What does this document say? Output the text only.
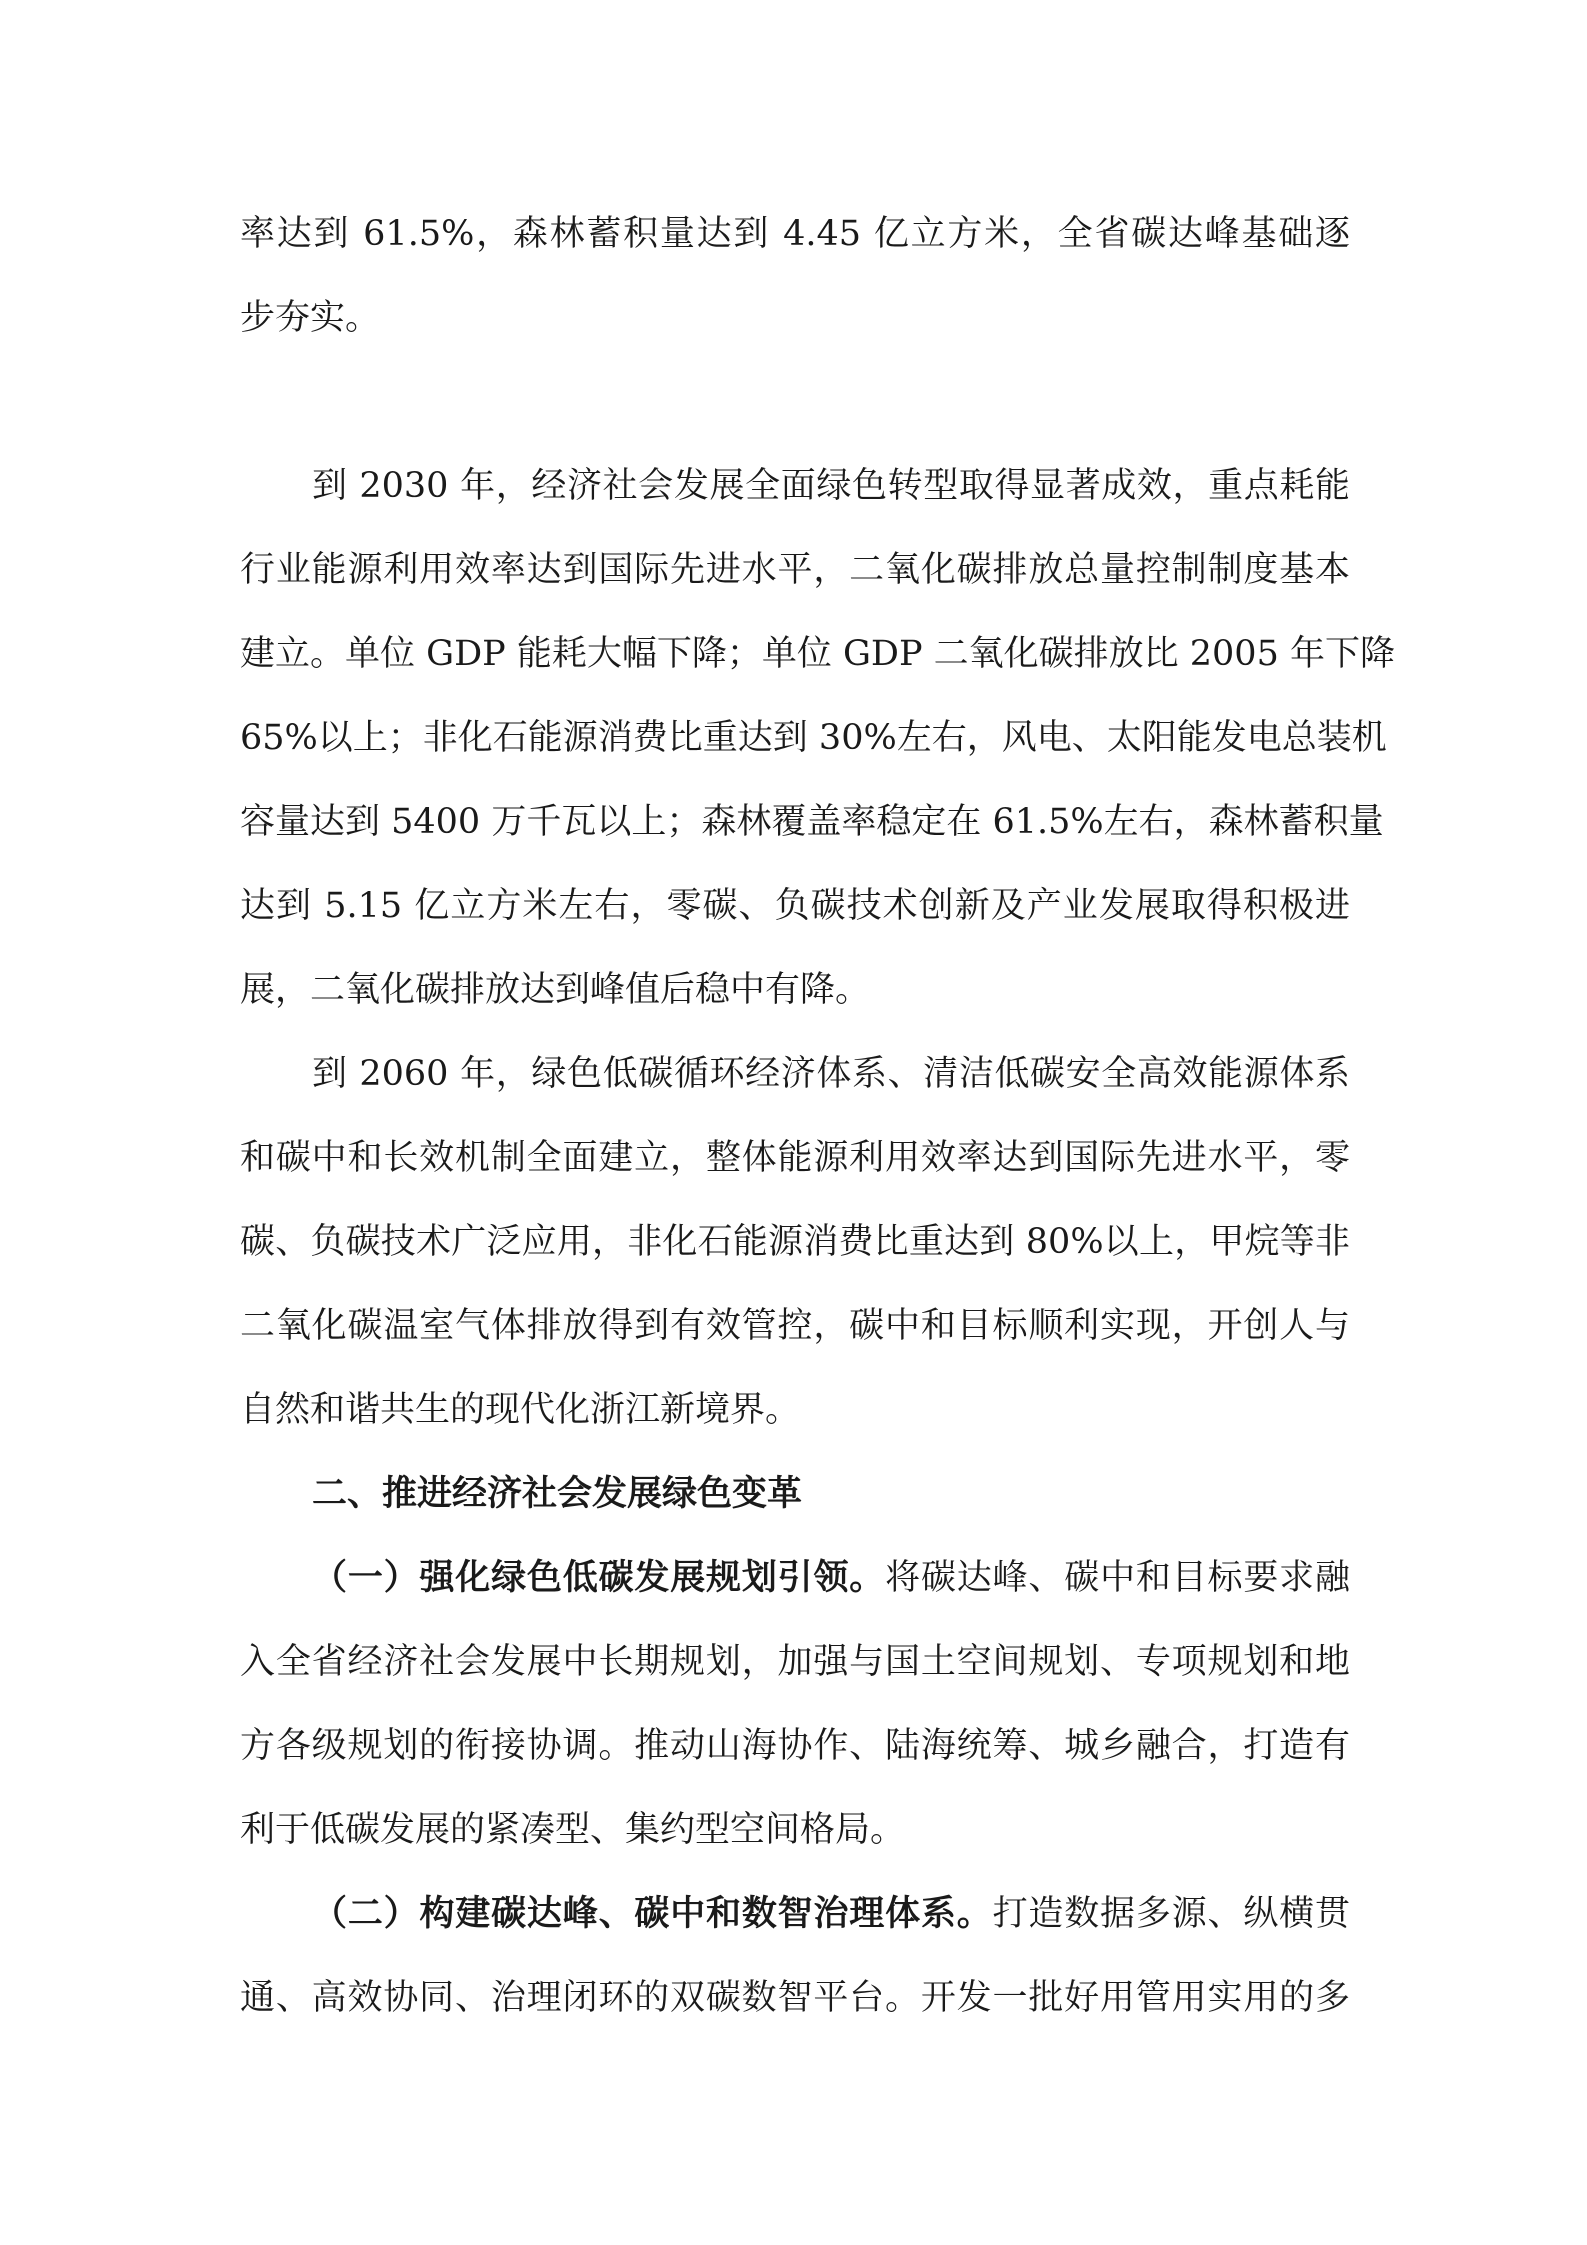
率达到 61.5%，森林蓄积量达到 4.45 亿立方米，全省碳达峰基础逐
步夯实。
到 2030 年，经济社会发展全面绿色转型取得显著成效，重点耗能
行业能源利用效率达到国际先进水平，二氧化碳排放总量控制制度基本
建立。单位 GDP 能耗大幅下降；单位 GDP 二氧化碳排放比 2005 年下降
65%以上；非化石能源消费比重达到 30%左右，风电、太阳能发电总装机
容量达到 5400 万千瓦以上；森林覆盖率稳定在 61.5%左右，森林蓄积量
达到 5.15 亿立方米左右，零碳、负碳技术创新及产业发展取得积极进
展，二氧化碳排放达到峰值后稳中有降。
到 2060 年，绿色低碳循环经济体系、清洁低碳安全高效能源体系
和碳中和长效机制全面建立，整体能源利用效率达到国际先进水平，零
碳、负碳技术广泛应用，非化石能源消费比重达到 80%以上，甲烷等非
二氧化碳温室气体排放得到有效管控，碳中和目标顺利实现，开创人与
自然和谐共生的现代化浙江新境界。
二、推进经济社会发展绿色变革
（一）强化绿色低碳发展规划引领。将碳达峰、碳中和目标要求融
入全省经济社会发展中长期规划，加强与国土空间规划、专项规划和地
方各级规划的衔接协调。推动山海协作、陆海统筹、城乡融合，打造有
利于低碳发展的紧凑型、集约型空间格局。
（二）构建碳达峰、碳中和数智治理体系。打造数据多源、纵横贯
通、高效协同、治理闭环的双碳数智平台。开发一批好用管用实用的多
